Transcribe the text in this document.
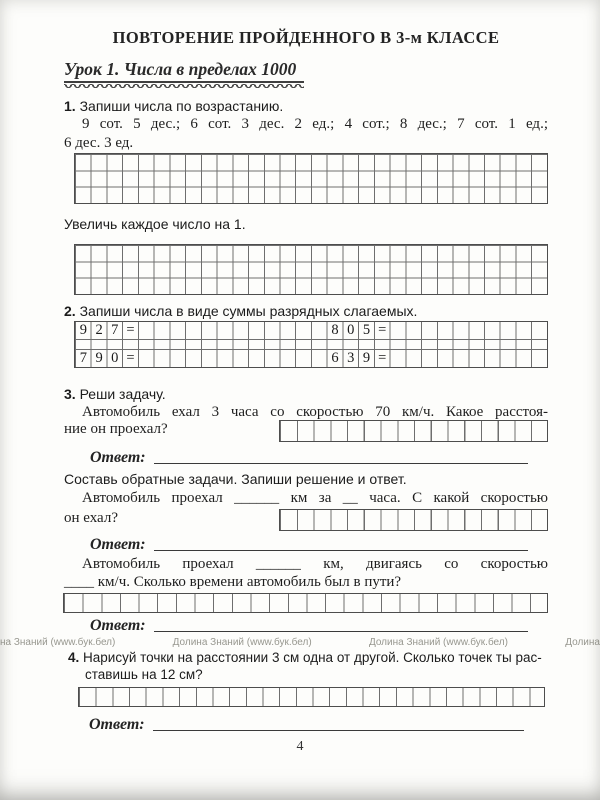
ПОВТОРЕНИЕ ПРОЙДЕННОГО В 3-м КЛАССЕ
Урок 1. Числа в пределах 1000
1. Запиши числа по возрастанию.
9 сот. 5 дес.; 6 сот. 3 дес. 2 ед.; 4 сот.; 8 дес.; 7 сот. 1 ед.;
6 дес. 3 ед.
Увеличь каждое число на 1.
2. Запиши числа в виде суммы разрядных слагаемых.
9 2 7 =	8 0 5 =
7 9 0 =	6 3 9 =
3. Реши задачу.
Автомобиль ехал 3 часа со скоростью 70 км/ч. Какое расстоя-
ние он проехал?
Ответ:
Составь обратные задачи. Запиши решение и ответ.
Автомобиль проехал ______ км за __ часа. С какой скоростью
он ехал?
Ответ:
Автомобиль проехал ______ км, двигаясь со скоростью
____ км/ч. Сколько времени автомобиль был в пути?
Ответ:
на Знаний (www.бук.бел)	Долина Знаний (www.бук.бел)	Долина Знаний (www.бук.бел)	Долина
4. Нарисуй точки на расстоянии 3 см одна от другой. Сколько точек ты рас-
ставишь на 12 см?
Ответ:
4
